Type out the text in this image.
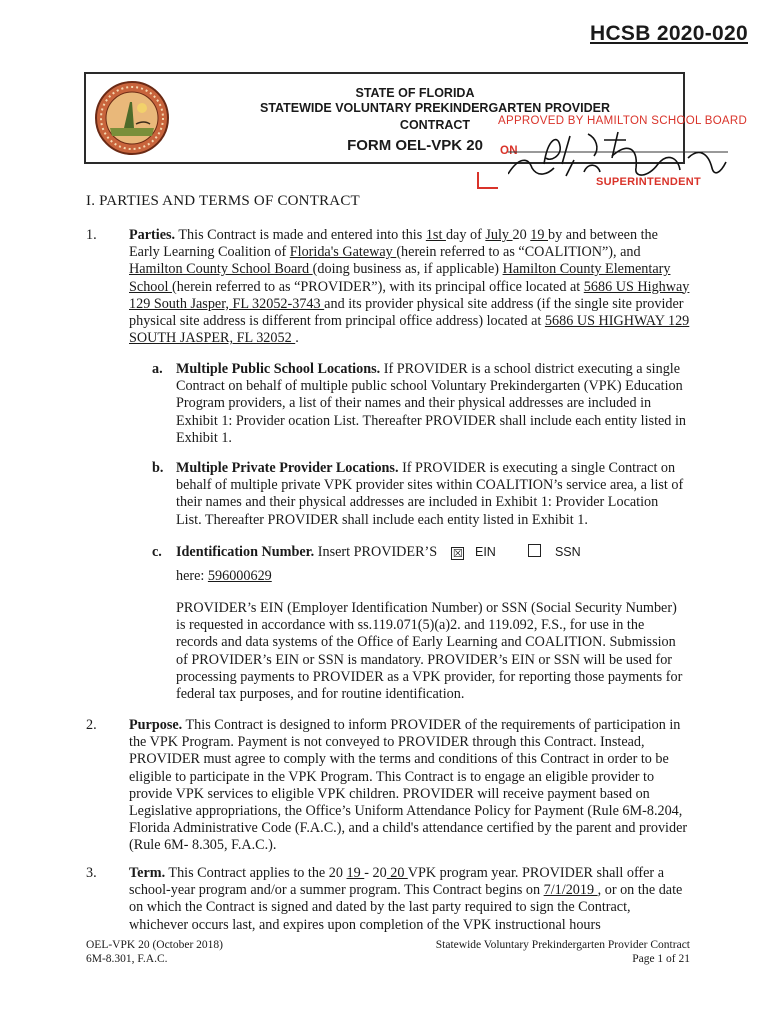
HCSB 2020-020
STATE OF FLORIDA
STATEWIDE VOLUNTARY PREKINDERGARTEN PROVIDER
CONTRACT
FORM OEL-VPK 20
APPROVED BY HAMILTON SCHOOL BOARD
ON
SUPERINTENDENT
I. PARTIES AND TERMS OF CONTRACT
1. Parties. This Contract is made and entered into this 1st day of July 20 19 by and between the Early Learning Coalition of Florida's Gateway (herein referred to as “COALITION”), and Hamilton County School Board (doing business as, if applicable) Hamilton County Elementary School (herein referred to as “PROVIDER”), with its principal office located at 5686 US Highway 129 South Jasper, FL 32052-3743 and its provider physical site address (if the single site provider physical site address is different from principal office address) located at 5686 US HIGHWAY 129 SOUTH JASPER, FL 32052 .

a. Multiple Public School Locations. If PROVIDER is a school district executing a single Contract on behalf of multiple public school Voluntary Prekindergarten (VPK) Education Program providers, a list of their names and their physical addresses are included in Exhibit 1: Provider ocation List. Thereafter PROVIDER shall include each entity listed in Exhibit 1.

b. Multiple Private Provider Locations. If PROVIDER is executing a single Contract on behalf of multiple private VPK provider sites within COALITION’s service area, a list of their names and their physical addresses are included in Exhibit 1: Provider Location List. Thereafter PROVIDER shall include each entity listed in Exhibit 1.

c. Identification Number. Insert PROVIDER’S    ☒ EIN	SSN

here: 596000629

PROVIDER’s EIN (Employer Identification Number) or SSN (Social Security Number) is requested in accordance with ss.119.071(5)(a)2. and 119.092, F.S., for use in the records and data systems of the Office of Early Learning and COALITION. Submission of PROVIDER’s EIN or SSN is mandatory. PROVIDER’s EIN or SSN will be used for processing payments to PROVIDER as a VPK provider, for reporting those payments for federal tax purposes, and for routine identification.

2. Purpose. This Contract is designed to inform PROVIDER of the requirements of participation in the VPK Program. Payment is not conveyed to PROVIDER through this Contract. Instead, PROVIDER must agree to comply with the terms and conditions of this Contract in order to be eligible to participate in the VPK Program. This Contract is to engage an eligible provider to provide VPK services to eligible VPK children. PROVIDER will receive payment based on Legislative appropriations, the Office’s Uniform Attendance Policy for Payment (Rule 6M-8.204, Florida Administrative Code (F.A.C.), and a child's attendance certified by the parent and provider (Rule 6M- 8.305, F.A.C.).

3. Term. This Contract applies to the 20 19 - 20 20 VPK program year. PROVIDER shall offer a school-year program and/or a summer program. This Contract begins on 7/1/2019 , or on the date on which the Contract is signed and dated by the last party required to sign the Contract, whichever occurs last, and expires upon completion of the VPK instructional hours

OEL-VPK 20 (October 2018)
6M-8.301, F.A.C.
Statewide Voluntary Prekindergarten Provider Contract
Page 1 of 21
